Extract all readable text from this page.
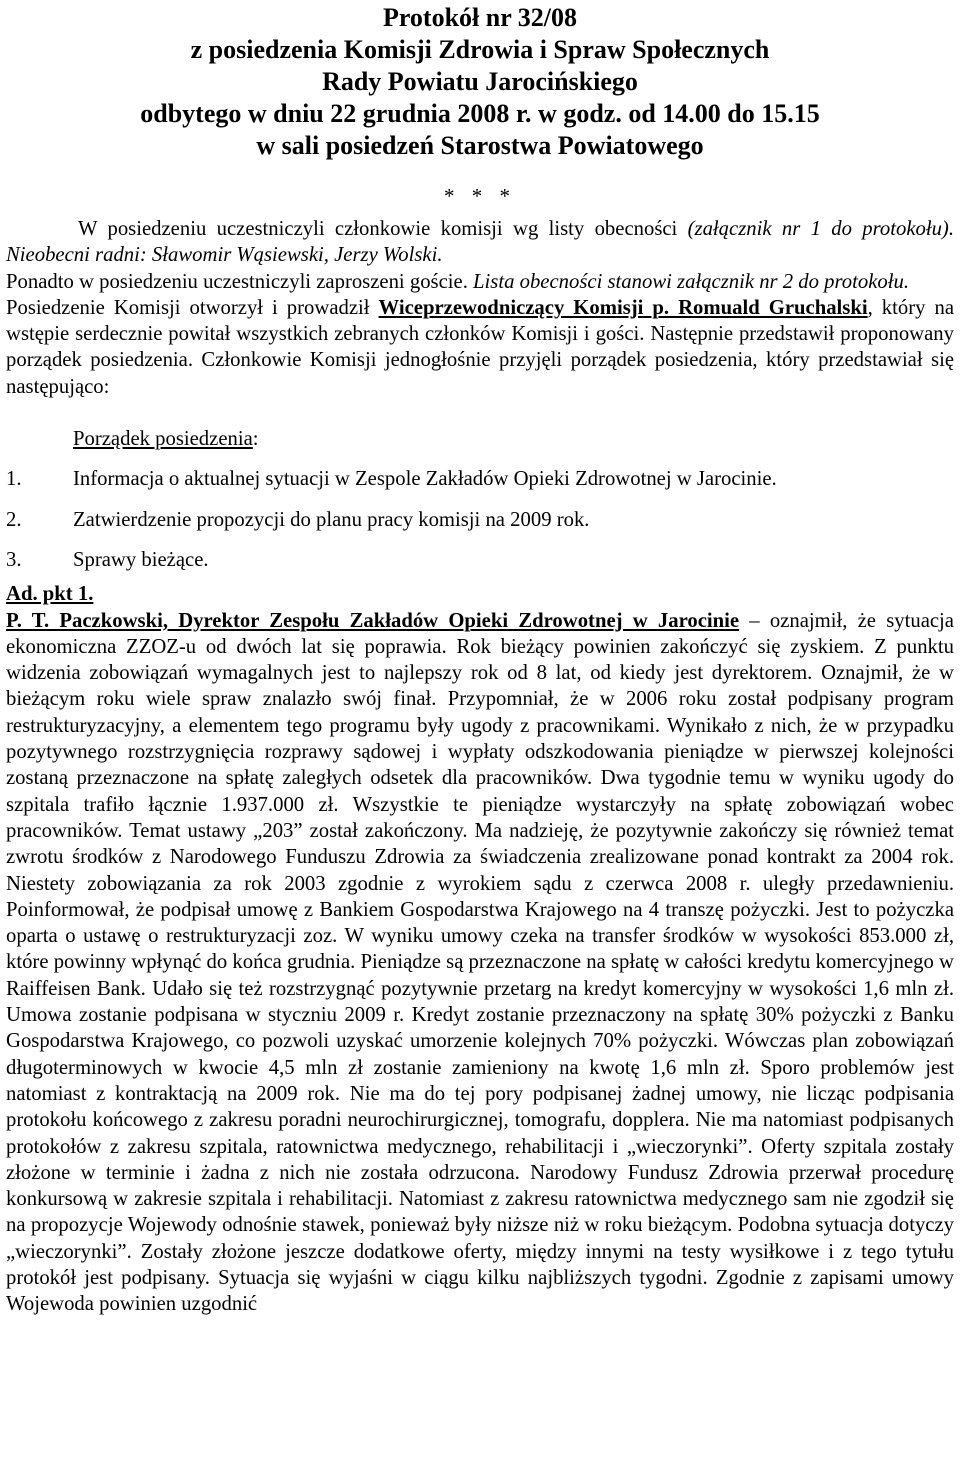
Protokół nr 32/08
z posiedzenia Komisji Zdrowia i Spraw Społecznych
Rady Powiatu Jarocińskiego
odbytego w dniu 22 grudnia 2008 r. w godz. od 14.00 do 15.15
w sali posiedzeń Starostwa Powiatowego
* * *

W posiedzeniu uczestniczyli członkowie komisji wg listy obecności (załącznik nr 1 do protokołu). Nieobecni radni: Sławomir Wąsiewski, Jerzy Wolski.

Ponadto w posiedzeniu uczestniczyli zaproszeni goście. Lista obecności stanowi załącznik nr 2 do protokołu.

Posiedzenie Komisji otworzył i prowadził Wiceprzewodniczący Komisji p. Romuald Gruchalski, który na wstępie serdecznie powitał wszystkich zebranych członków Komisji i gości. Następnie przedstawił proponowany porządek posiedzenia. Członkowie Komisji jednogłośnie przyjęli porządek posiedzenia, który przedstawiał się następująco:

Porządek posiedzenia:
1.	Informacja o aktualnej sytuacji w Zespole Zakładów Opieki Zdrowotnej w Jarocinie.
2.	Zatwierdzenie propozycji do planu pracy komisji na 2009 rok.
3.	Sprawy bieżące.
Ad. pkt 1.

P. T. Paczkowski, Dyrektor Zespołu Zakładów Opieki Zdrowotnej w Jarocinie – oznajmił, że sytuacja ekonomiczna ZZOZ-u od dwóch lat się poprawia. Rok bieżący powinien zakończyć się zyskiem. Z punktu widzenia zobowiązań wymagalnych jest to najlepszy rok od 8 lat, od kiedy jest dyrektorem. Oznajmił, że w bieżącym roku wiele spraw znalazło swój finał. Przypomniał, że w 2006 roku został podpisany program restrukturyzacyjny, a elementem tego programu były ugody z pracownikami. Wynikało z nich, że w przypadku pozytywnego rozstrzygnięcia rozprawy sądowej i wypłaty odszkodowania pieniądze w pierwszej kolejności zostaną przeznaczone na spłatę zaległych odsetek dla pracowników. Dwa tygodnie temu w wyniku ugody do szpitala trafiło łącznie 1.937.000 zł. Wszystkie te pieniądze wystarczyły na spłatę zobowiązań wobec pracowników. Temat ustawy „203” został zakończony. Ma nadzieję, że pozytywnie zakończy się również temat zwrotu środków z Narodowego Funduszu Zdrowia za świadczenia zrealizowane ponad kontrakt za 2004 rok. Niestety zobowiązania za rok 2003 zgodnie z wyrokiem sądu z czerwca 2008 r. uległy przedawnieniu. Poinformował, że podpisał umowę z Bankiem Gospodarstwa Krajowego na 4 transzę pożyczki. Jest to pożyczka oparta o ustawę o restrukturyzacji zoz. W wyniku umowy czeka na transfer środków w wysokości 853.000 zł, które powinny wpłynąć do końca grudnia. Pieniądze są przeznaczone na spłatę w całości kredytu komercyjnego w Raiffeisen Bank. Udało się też rozstrzygnąć pozytywnie przetarg na kredyt komercyjny w wysokości 1,6 mln zł. Umowa zostanie podpisana w styczniu 2009 r. Kredyt zostanie przeznaczony na spłatę 30% pożyczki z Banku Gospodarstwa Krajowego, co pozwoli uzyskać umorzenie kolejnych 70% pożyczki. Wówczas plan zobowiązań długoterminowych w kwocie 4,5 mln zł zostanie zamieniony na kwotę 1,6 mln zł. Sporo problemów jest natomiast z kontraktacją na 2009 rok. Nie ma do tej pory podpisanej żadnej umowy, nie licząc podpisania protokołu końcowego z zakresu poradni neurochirurgicznej, tomografu, dopplera. Nie ma natomiast podpisanych protokołów z zakresu szpitala, ratownictwa medycznego, rehabilitacji i „wieczorynki”. Oferty szpitala zostały złożone w terminie i żadna z nich nie została odrzucona. Narodowy Fundusz Zdrowia przerwał procedurę konkursową w zakresie szpitala i rehabilitacji. Natomiast z zakresu ratownictwa medycznego sam nie zgodził się na propozycje Wojewody odnośnie stawek, ponieważ były niższe niż w roku bieżącym. Podobna sytuacja dotyczy „wieczorynki”. Zostały złożone jeszcze dodatkowe oferty, między innymi na testy wysiłkowe i z tego tytułu protokół jest podpisany. Sytuacja się wyjaśni w ciągu kilku najbliższych tygodni. Zgodnie z zapisami umowy Wojewoda powinien uzgodnić
